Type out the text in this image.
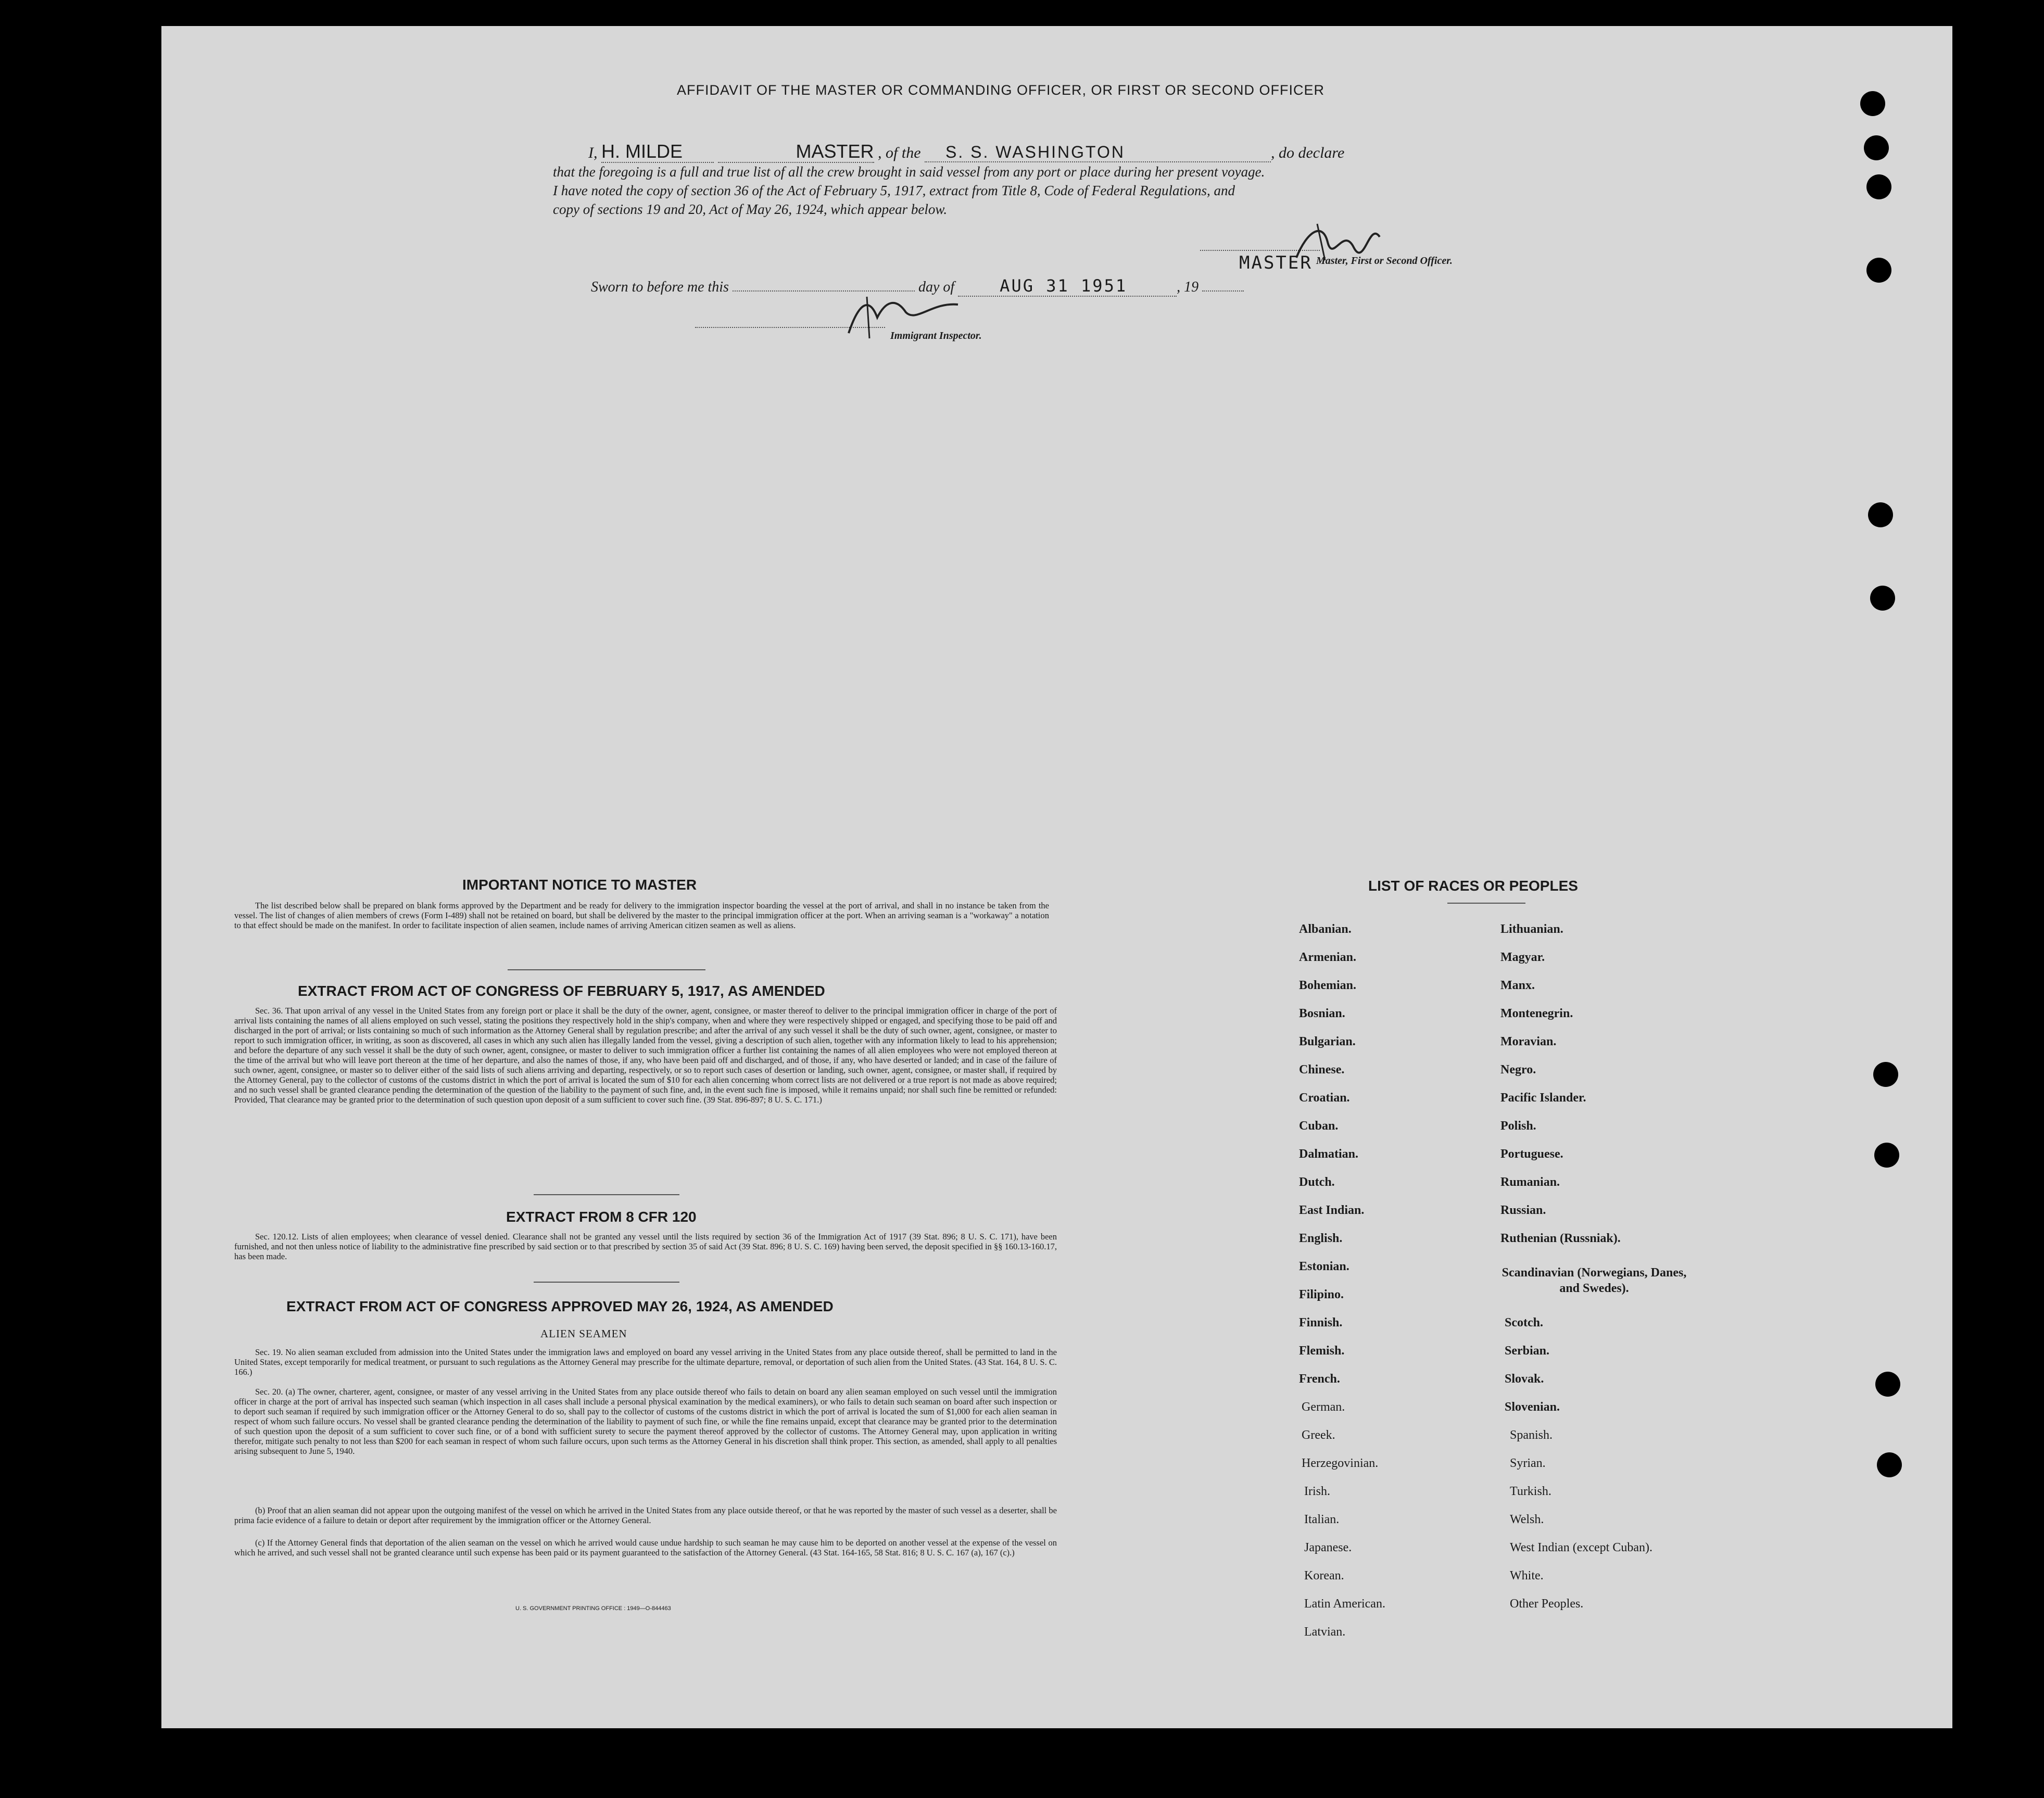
AFFIDAVIT OF THE MASTER OR COMMANDING OFFICER, OR FIRST OR SECOND OFFICER
I, H. MILDE	MASTER , of the S. S. WASHINGTON	, do declare
that the foregoing is a full and true list of all the crew brought in said vessel from any port or place during her present voyage.
I have noted the copy of section 36 of the Act of February 5, 1917, extract from Title 8, Code of Federal Regulations, and
copy of sections 19 and 20, Act of May 26, 1924, which appear below.
MASTER Master, First or Second Officer.
Sworn to before me this	day of	AUG 31 1951	, 19
Immigrant Inspector.
IMPORTANT NOTICE TO MASTER
The list described below shall be prepared on blank forms approved by the Department and be ready for delivery to the immigration inspector boarding the vessel at the port of arrival, and shall in no instance be taken from the vessel. The list of changes of alien members of crews (Form I-489) shall not be retained on board, but shall be delivered by the master to the principal immigration officer at the port. When an arriving seaman is a "workaway" a notation to that effect should be made on the manifest. In order to facilitate inspection of alien seamen, include names of arriving American citizen seamen as well as aliens.
EXTRACT FROM ACT OF CONGRESS OF FEBRUARY 5, 1917, AS AMENDED
Sec. 36. That upon arrival of any vessel in the United States from any foreign port or place it shall be the duty of the owner, agent, consignee, or master thereof to deliver to the principal immigration officer in charge of the port of arrival lists containing the names of all aliens employed on such vessel, stating the positions they respectively hold in the ship's company, when and where they were respectively shipped or engaged, and specifying those to be paid off and discharged in the port of arrival; or lists containing so much of such information as the Attorney General shall by regulation prescribe; and after the arrival of any such vessel it shall be the duty of such owner, agent, consignee, or master to report to such immigration officer, in writing, as soon as discovered, all cases in which any such alien has illegally landed from the vessel, giving a description of such alien, together with any information likely to lead to his apprehension; and before the departure of any such vessel it shall be the duty of such owner, agent, consignee, or master to deliver to such immigration officer a further list containing the names of all alien employees who were not employed thereon at the time of the arrival but who will leave port thereon at the time of her departure, and also the names of those, if any, who have been paid off and discharged, and of those, if any, who have deserted or landed; and in case of the failure of such owner, agent, consignee, or master so to deliver either of the said lists of such aliens arriving and departing, respectively, or so to report such cases of desertion or landing, such owner, agent, consignee, or master shall, if required by the Attorney General, pay to the collector of customs of the customs district in which the port of arrival is located the sum of $10 for each alien concerning whom correct lists are not delivered or a true report is not made as above required; and no such vessel shall be granted clearance pending the determination of the question of the liability to the payment of such fine, and, in the event such fine is imposed, while it remains unpaid; nor shall such fine be remitted or refunded: Provided, That clearance may be granted prior to the determination of such question upon deposit of a sum sufficient to cover such fine. (39 Stat. 896-897; 8 U. S. C. 171.)
EXTRACT FROM 8 CFR 120
Sec. 120.12. Lists of alien employees; when clearance of vessel denied. Clearance shall not be granted any vessel until the lists required by section 36 of the Immigration Act of 1917 (39 Stat. 896; 8 U. S. C. 171), have been furnished, and not then unless notice of liability to the administrative fine prescribed by said section or to that prescribed by section 35 of said Act (39 Stat. 896; 8 U. S. C. 169) having been served, the deposit specified in §§ 160.13-160.17, has been made.
EXTRACT FROM ACT OF CONGRESS APPROVED MAY 26, 1924, AS AMENDED
ALIEN SEAMEN
Sec. 19. No alien seaman excluded from admission into the United States under the immigration laws and employed on board any vessel arriving in the United States from any place outside thereof, shall be permitted to land in the United States, except temporarily for medical treatment, or pursuant to such regulations as the Attorney General may prescribe for the ultimate departure, removal, or deportation of such alien from the United States. (43 Stat. 164, 8 U. S. C. 166.)
Sec. 20. (a) The owner, charterer, agent, consignee, or master of any vessel arriving in the United States from any place outside thereof who fails to detain on board any alien seaman employed on such vessel until the immigration officer in charge at the port of arrival has inspected such seaman (which inspection in all cases shall include a personal physical examination by the medical examiners), or who fails to detain such seaman on board after such inspection or to deport such seaman if required by such immigration officer or the Attorney General to do so, shall pay to the collector of customs of the customs district in which the port of arrival is located the sum of $1,000 for each alien seaman in respect of whom such failure occurs. No vessel shall be granted clearance pending the determination of the liability to payment of such fine, or while the fine remains unpaid, except that clearance may be granted prior to the determination of such question upon the deposit of a sum sufficient to cover such fine, or of a bond with sufficient surety to secure the payment thereof approved by the collector of customs. The Attorney General may, upon application in writing therefor, mitigate such penalty to not less than $200 for each seaman in respect of whom such failure occurs, upon such terms as the Attorney General in his discretion shall think proper. This section, as amended, shall apply to all penalties arising subsequent to June 5, 1940.
(b) Proof that an alien seaman did not appear upon the outgoing manifest of the vessel on which he arrived in the United States from any place outside thereof, or that he was reported by the master of such vessel as a deserter, shall be prima facie evidence of a failure to detain or deport after requirement by the immigration officer or the Attorney General.
(c) If the Attorney General finds that deportation of the alien seaman on the vessel on which he arrived would cause undue hardship to such seaman he may cause him to be deported on another vessel at the expense of the vessel on which he arrived, and such vessel shall not be granted clearance until such expense has been paid or its payment guaranteed to the satisfaction of the Attorney General. (43 Stat. 164-165, 58 Stat. 816; 8 U. S. C. 167 (a), 167 (c).)
U. S. GOVERNMENT PRINTING OFFICE : 1949—O-844463
LIST OF RACES OR PEOPLES
Albanian.
Armenian.
Bohemian.
Bosnian.
Bulgarian.
Chinese.
Croatian.
Cuban.
Dalmatian.
Dutch.
East Indian.
English.
Estonian.
Filipino.
Finnish.
Flemish.
French.
German.
Greek.
Herzegovinian.
Irish.
Italian.
Japanese.
Korean.
Latin American.
Latvian.
Lithuanian.
Magyar.
Manx.
Montenegrin.
Moravian.
Negro.
Pacific Islander.
Polish.
Portuguese.
Rumanian.
Russian.
Ruthenian (Russniak).
Scandinavian (Norwegians, Danes, and Swedes).
Scotch.
Serbian.
Slovak.
Slovenian.
Spanish.
Syrian.
Turkish.
Welsh.
West Indian (except Cuban).
White.
Other Peoples.
